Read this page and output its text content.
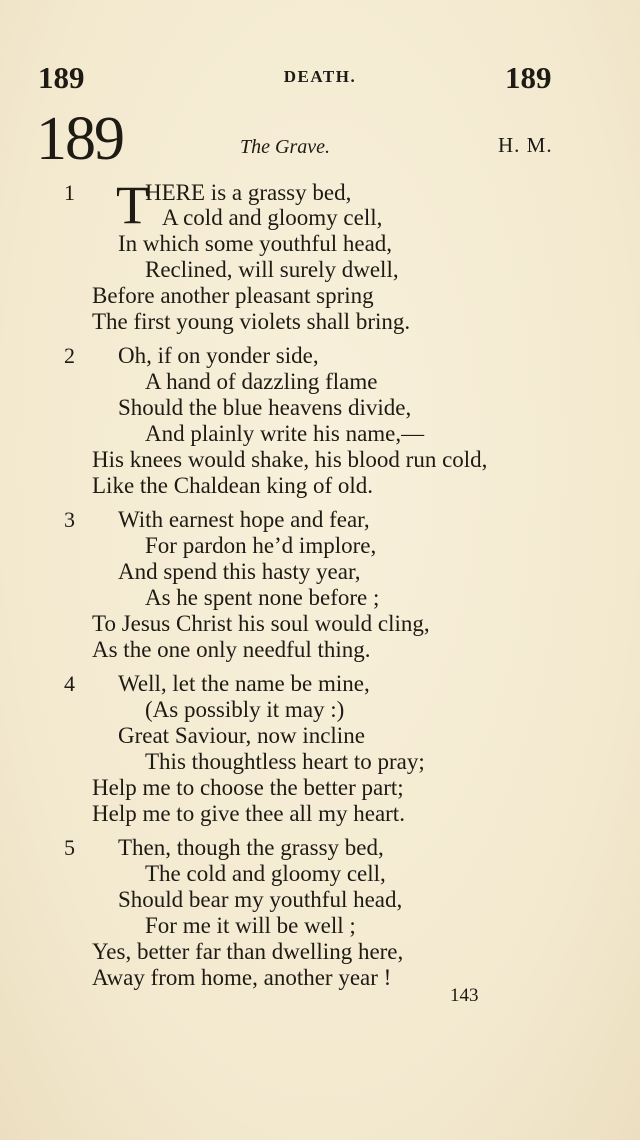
189	DEATH.	189
189	The Grave.	H. M.
1 T
HERE is a grassy bed,
A cold and gloomy cell,
In which some youthful head,
Reclined, will surely dwell,
Before another pleasant spring
The first young violets shall bring.
2 Oh, if on yonder side,
A hand of dazzling flame
Should the blue heavens divide,
And plainly write his name,—
His knees would shake, his blood run cold,
Like the Chaldean king of old.
3 With earnest hope and fear,
For pardon he’d implore,
And spend this hasty year,
As he spent none before ;
To Jesus Christ his soul would cling,
As the one only needful thing.
4 Well, let the name be mine,
(As possibly it may :)
Great Saviour, now incline
This thoughtless heart to pray;
Help me to choose the better part;
Help me to give thee all my heart.
5 Then, though the grassy bed,
The cold and gloomy cell,
Should bear my youthful head,
For me it will be well ;
Yes, better far than dwelling here,
Away from home, another year !
143
